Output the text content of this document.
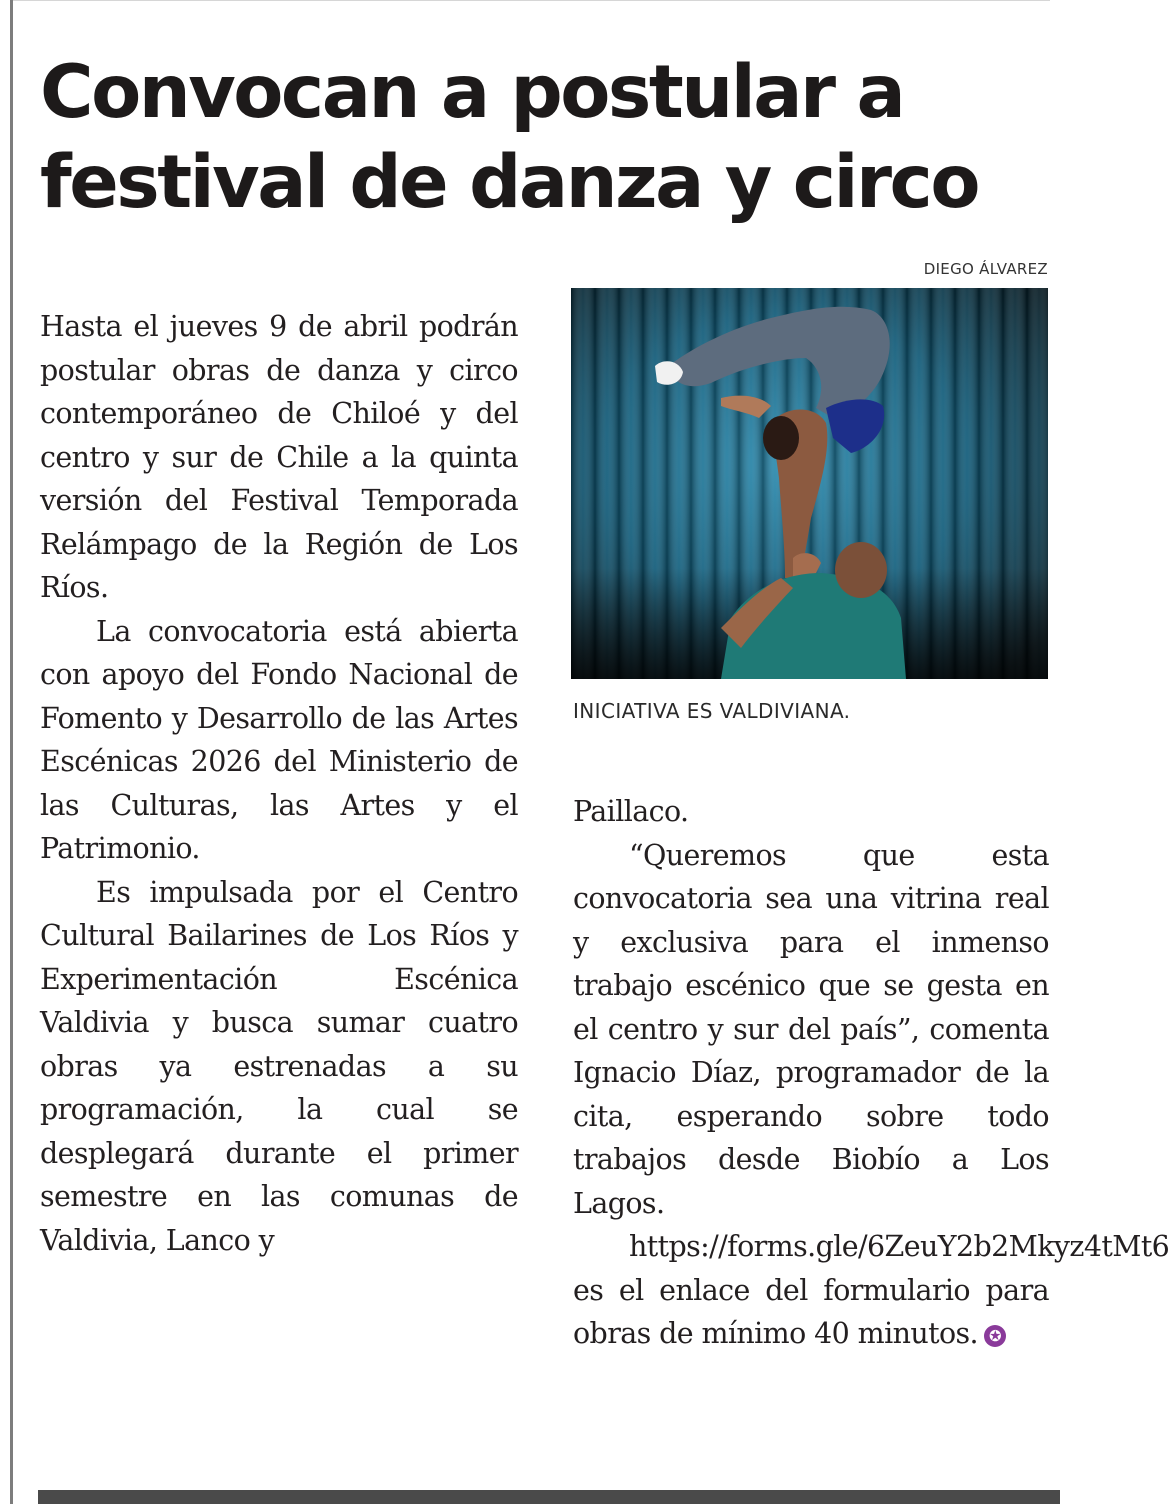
Convocan a postular a festival de danza y circo
DIEGO ÁLVAREZ
INICIATIVA ES VALDIVIANA.

Hasta el jueves 9 de abril podrán postular obras de danza y circo contemporáneo de Chiloé y del centro y sur de Chile a la quinta versión del Festival Temporada Relámpago de la Región de Los Ríos.

La convocatoria está abierta con apoyo del Fondo Nacional de Fomento y Desarrollo de las Artes Escénicas 2026 del Ministerio de las Culturas, las Artes y el Patrimonio.

Es impulsada por el Centro Cultural Bailarines de Los Ríos y Experimentación Escénica Valdivia y busca sumar cuatro obras ya estrenadas a su programación, la cual se desplegará durante el primer semestre en las comunas de Valdivia, Lanco y

Paillaco.

“Queremos que esta convocatoria sea una vitrina real y exclusiva para el inmenso trabajo escénico que se gesta en el centro y sur del país”, comenta Ignacio Díaz, programador de la cita, esperando sobre todo trabajos desde Biobío a Los Lagos.

https://forms.gle/6ZeuY2b2Mkyz4tMt6 es el enlace del formulario para obras de mínimo 40 minutos. ✪
